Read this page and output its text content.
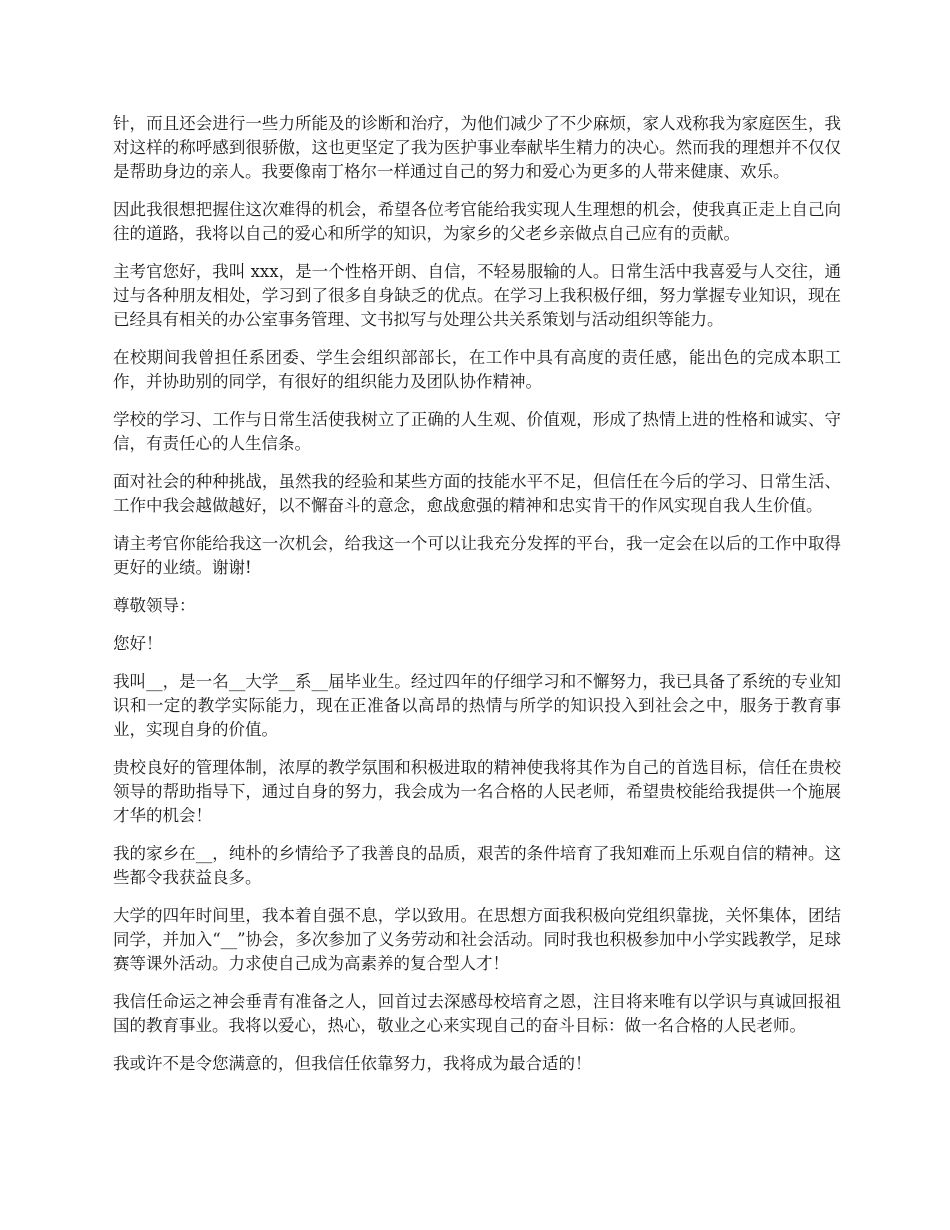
针，而且还会进行一些力所能及的诊断和治疗，为他们减少了不少麻烦，家人戏称我为家庭医生，我对这样的称呼感到很骄傲，这也更坚定了我为医护事业奉献毕生精力的决心。然而我的理想并不仅仅是帮助身边的亲人。我要像南丁格尔一样通过自己的努力和爱心为更多的人带来健康、欢乐。

因此我很想把握住这次难得的机会，希望各位考官能给我实现人生理想的机会，使我真正走上自己向往的道路，我将以自己的爱心和所学的知识，为家乡的父老乡亲做点自己应有的贡献。

主考官您好，我叫 xxx，是一个性格开朗、自信，不轻易服输的人。日常生活中我喜爱与人交往，通过与各种朋友相处，学习到了很多自身缺乏的优点。在学习上我积极仔细，努力掌握专业知识，现在已经具有相关的办公室事务管理、文书拟写与处理公共关系策划与活动组织等能力。

在校期间我曾担任系团委、学生会组织部部长，在工作中具有高度的责任感，能出色的完成本职工作，并协助别的同学，有很好的组织能力及团队协作精神。

学校的学习、工作与日常生活使我树立了正确的人生观、价值观，形成了热情上进的性格和诚实、守信，有责任心的人生信条。

面对社会的种种挑战，虽然我的经验和某些方面的技能水平不足，但信任在今后的学习、日常生活、工作中我会越做越好，以不懈奋斗的意念，愈战愈强的精神和忠实肯干的作风实现自我人生价值。

请主考官你能给我这一次机会，给我这一个可以让我充分发挥的平台，我一定会在以后的工作中取得更好的业绩。谢谢!

尊敬领导：

您好！

我叫__，是一名__大学__系__届毕业生。经过四年的仔细学习和不懈努力，我已具备了系统的专业知识和一定的教学实际能力，现在正准备以高昂的热情与所学的知识投入到社会之中，服务于教育事业，实现自身的价值。

贵校良好的管理体制，浓厚的教学氛围和积极进取的精神使我将其作为自己的首选目标，信任在贵校领导的帮助指导下，通过自身的努力，我会成为一名合格的人民老师，希望贵校能给我提供一个施展才华的机会！

我的家乡在__，纯朴的乡情给予了我善良的品质，艰苦的条件培育了我知难而上乐观自信的精神。这些都令我获益良多。

大学的四年时间里，我本着自强不息，学以致用。在思想方面我积极向党组织靠拢，关怀集体，团结同学，并加入“__”协会，多次参加了义务劳动和社会活动。同时我也积极参加中小学实践教学，足球赛等课外活动。力求使自己成为高素养的复合型人才！

我信任命运之神会垂青有准备之人，回首过去深感母校培育之恩，注目将来唯有以学识与真诚回报祖国的教育事业。我将以爱心，热心，敬业之心来实现自己的奋斗目标：做一名合格的人民老师。

我或许不是令您满意的，但我信任依靠努力，我将成为最合适的！
